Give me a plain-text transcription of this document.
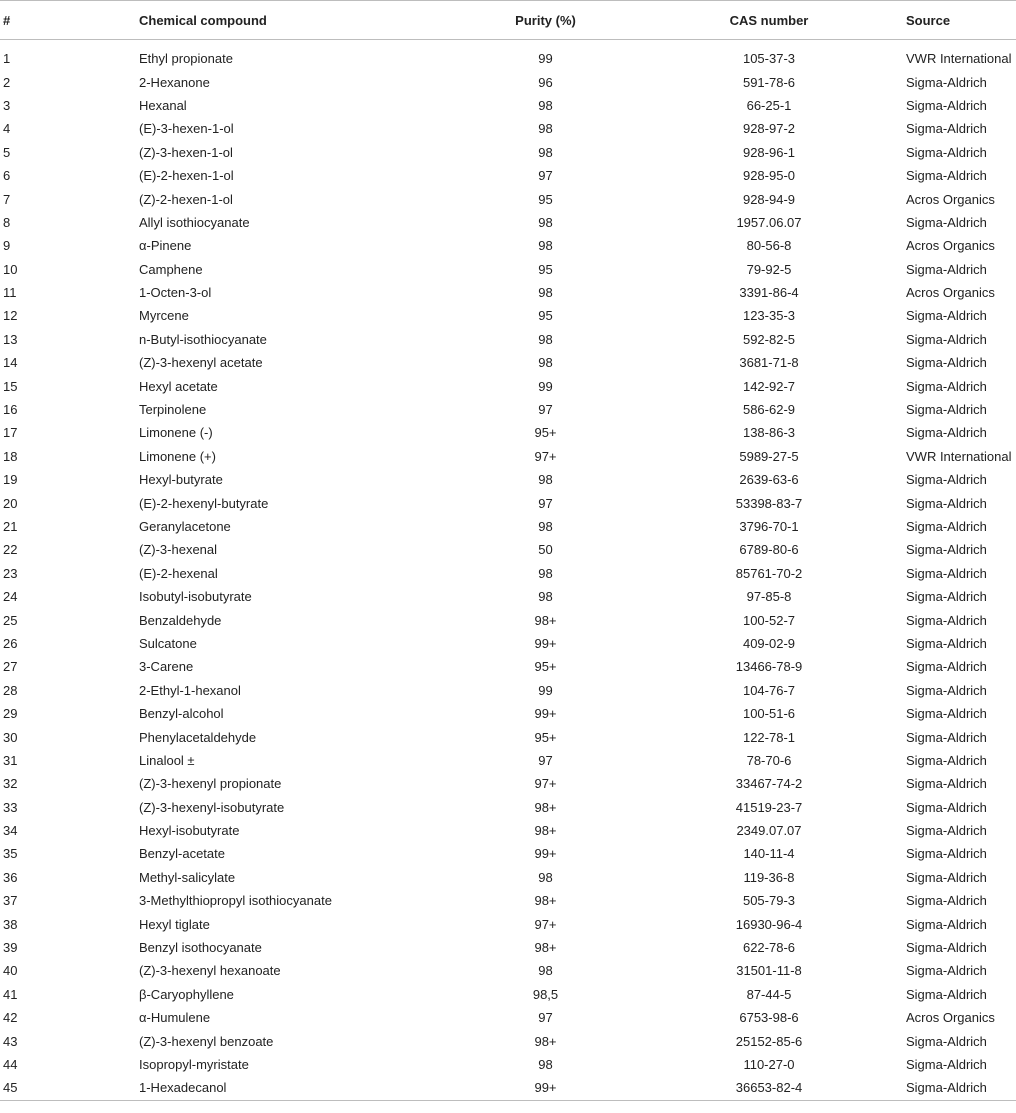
#	Chemical compound	Purity (%)	CAS number	Source

1	Ethyl propionate	99	105-37-3	VWR International
2	2-Hexanone	96	591-78-6	Sigma-Aldrich
3	Hexanal	98	66-25-1	Sigma-Aldrich
4	(E)-3-hexen-1-ol	98	928-97-2	Sigma-Aldrich
5	(Z)-3-hexen-1-ol	98	928-96-1	Sigma-Aldrich
6	(E)-2-hexen-1-ol	97	928-95-0	Sigma-Aldrich
7	(Z)-2-hexen-1-ol	95	928-94-9	Acros Organics
8	Allyl isothiocyanate	98	1957.06.07	Sigma-Aldrich
9	α-Pinene	98	80-56-8	Acros Organics
10	Camphene	95	79-92-5	Sigma-Aldrich
11	1-Octen-3-ol	98	3391-86-4	Acros Organics
12	Myrcene	95	123-35-3	Sigma-Aldrich
13	n-Butyl-isothiocyanate	98	592-82-5	Sigma-Aldrich
14	(Z)-3-hexenyl acetate	98	3681-71-8	Sigma-Aldrich
15	Hexyl acetate	99	142-92-7	Sigma-Aldrich
16	Terpinolene	97	586-62-9	Sigma-Aldrich
17	Limonene (-)	95+	138-86-3	Sigma-Aldrich
18	Limonene (+)	97+	5989-27-5	VWR International
19	Hexyl-butyrate	98	2639-63-6	Sigma-Aldrich
20	(E)-2-hexenyl-butyrate	97	53398-83-7	Sigma-Aldrich
21	Geranylacetone	98	3796-70-1	Sigma-Aldrich
22	(Z)-3-hexenal	50	6789-80-6	Sigma-Aldrich
23	(E)-2-hexenal	98	85761-70-2	Sigma-Aldrich
24	Isobutyl-isobutyrate	98	97-85-8	Sigma-Aldrich
25	Benzaldehyde	98+	100-52-7	Sigma-Aldrich
26	Sulcatone	99+	409-02-9	Sigma-Aldrich
27	3-Carene	95+	13466-78-9	Sigma-Aldrich
28	2-Ethyl-1-hexanol	99	104-76-7	Sigma-Aldrich
29	Benzyl-alcohol	99+	100-51-6	Sigma-Aldrich
30	Phenylacetaldehyde	95+	122-78-1	Sigma-Aldrich
31	Linalool ±	97	78-70-6	Sigma-Aldrich
32	(Z)-3-hexenyl propionate	97+	33467-74-2	Sigma-Aldrich
33	(Z)-3-hexenyl-isobutyrate	98+	41519-23-7	Sigma-Aldrich
34	Hexyl-isobutyrate	98+	2349.07.07	Sigma-Aldrich
35	Benzyl-acetate	99+	140-11-4	Sigma-Aldrich
36	Methyl-salicylate	98	119-36-8	Sigma-Aldrich
37	3-Methylthiopropyl isothiocyanate	98+	505-79-3	Sigma-Aldrich
38	Hexyl tiglate	97+	16930-96-4	Sigma-Aldrich
39	Benzyl isothocyanate	98+	622-78-6	Sigma-Aldrich
40	(Z)-3-hexenyl hexanoate	98	31501-11-8	Sigma-Aldrich
41	β-Caryophyllene	98,5	87-44-5	Sigma-Aldrich
42	α-Humulene	97	6753-98-6	Acros Organics
43	(Z)-3-hexenyl benzoate	98+	25152-85-6	Sigma-Aldrich
44	Isopropyl-myristate	98	110-27-0	Sigma-Aldrich
45	1-Hexadecanol	99+	36653-82-4	Sigma-Aldrich
